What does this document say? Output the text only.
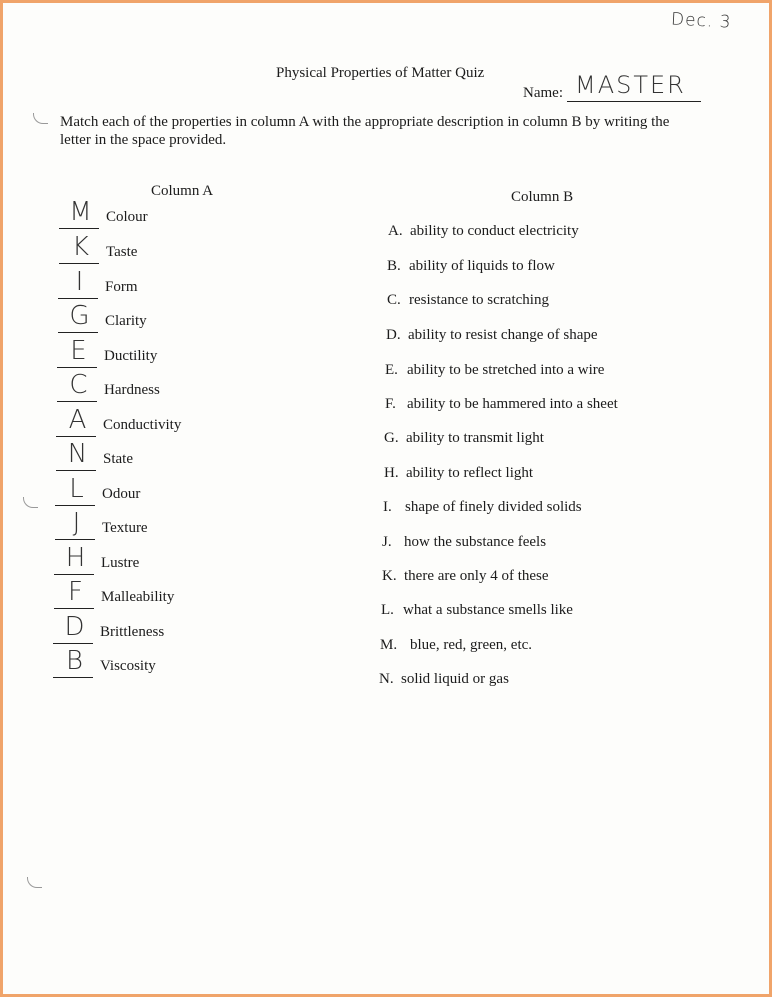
Dec. 3
Physical Properties of Matter Quiz
Name: MASTER
Match each of the properties in column A with the appropriate description in column B by writing the letter in the space provided.
Column A	Column B
M Colour
K	Taste
I	Form
G Clarity
E	Ductility
C	Hardness
A	Conductivity
N State
L	Odour
J	Texture
H Lustre
F	Malleability
D Brittleness
B	Viscosity
A. ability to conduct electricity
B. ability of liquids to flow
C. resistance to scratching
D. ability to resist change of shape
E. ability to be stretched into a wire
F. ability to be hammered into a sheet
G. ability to transmit light
H. ability to reflect light
I. shape of finely divided solids
J. how the substance feels
K. there are only 4 of these
L. what a substance smells like
M. blue, red, green, etc.
N. solid liquid or gas
